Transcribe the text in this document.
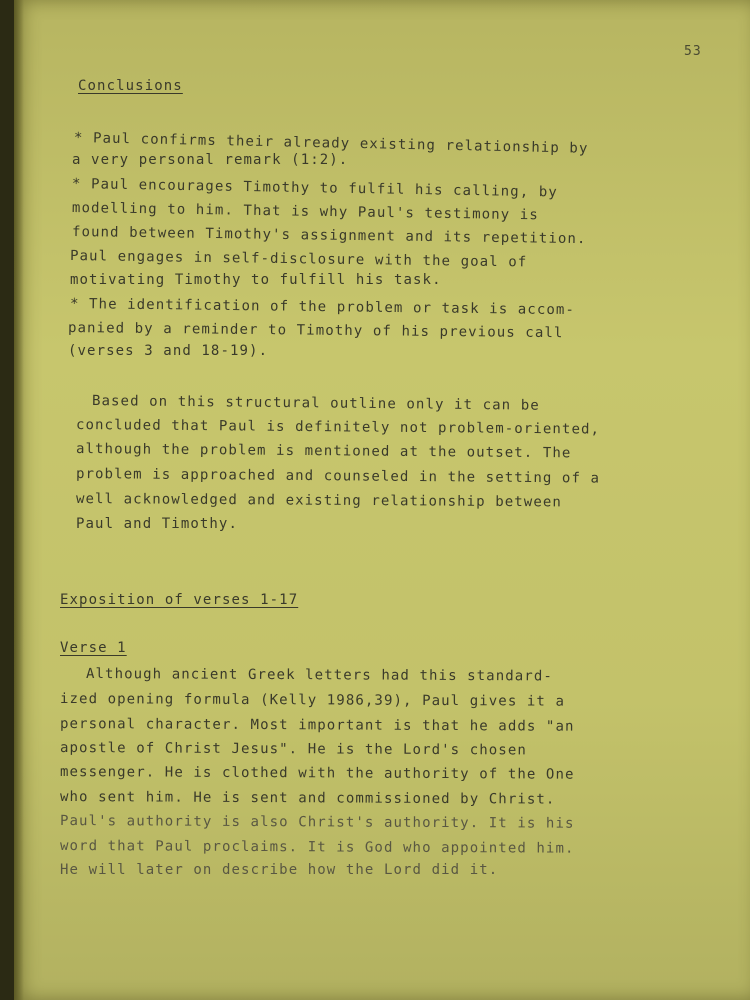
53
Conclusions
* Paul confirms their already existing relationship by
a very personal remark (1:2).
* Paul encourages Timothy to fulfil his calling, by
modelling to him. That is why Paul's testimony is
found between Timothy's assignment and its repetition.
Paul engages in self-disclosure with the goal of
motivating Timothy to fulfill his task.
* The identification of the problem or task is accom-
panied by a reminder to Timothy of his previous call
(verses 3 and 18-19).
Based on this structural outline only it can be
concluded that Paul is definitely not problem-oriented,
although the problem is mentioned at the outset. The
problem is approached and counseled in the setting of a
well acknowledged and existing relationship between
Paul and Timothy.
Exposition of verses 1-17
Verse 1
Although ancient Greek letters had this standard-
ized opening formula (Kelly 1986,39), Paul gives it a
personal character. Most important is that he adds "an
apostle of Christ Jesus". He is the Lord's chosen
messenger. He is clothed with the authority of the One
who sent him. He is sent and commissioned by Christ.
Paul's authority is also Christ's authority. It is his
word that Paul proclaims. It is God who appointed him.
He will later on describe how the Lord did it.
